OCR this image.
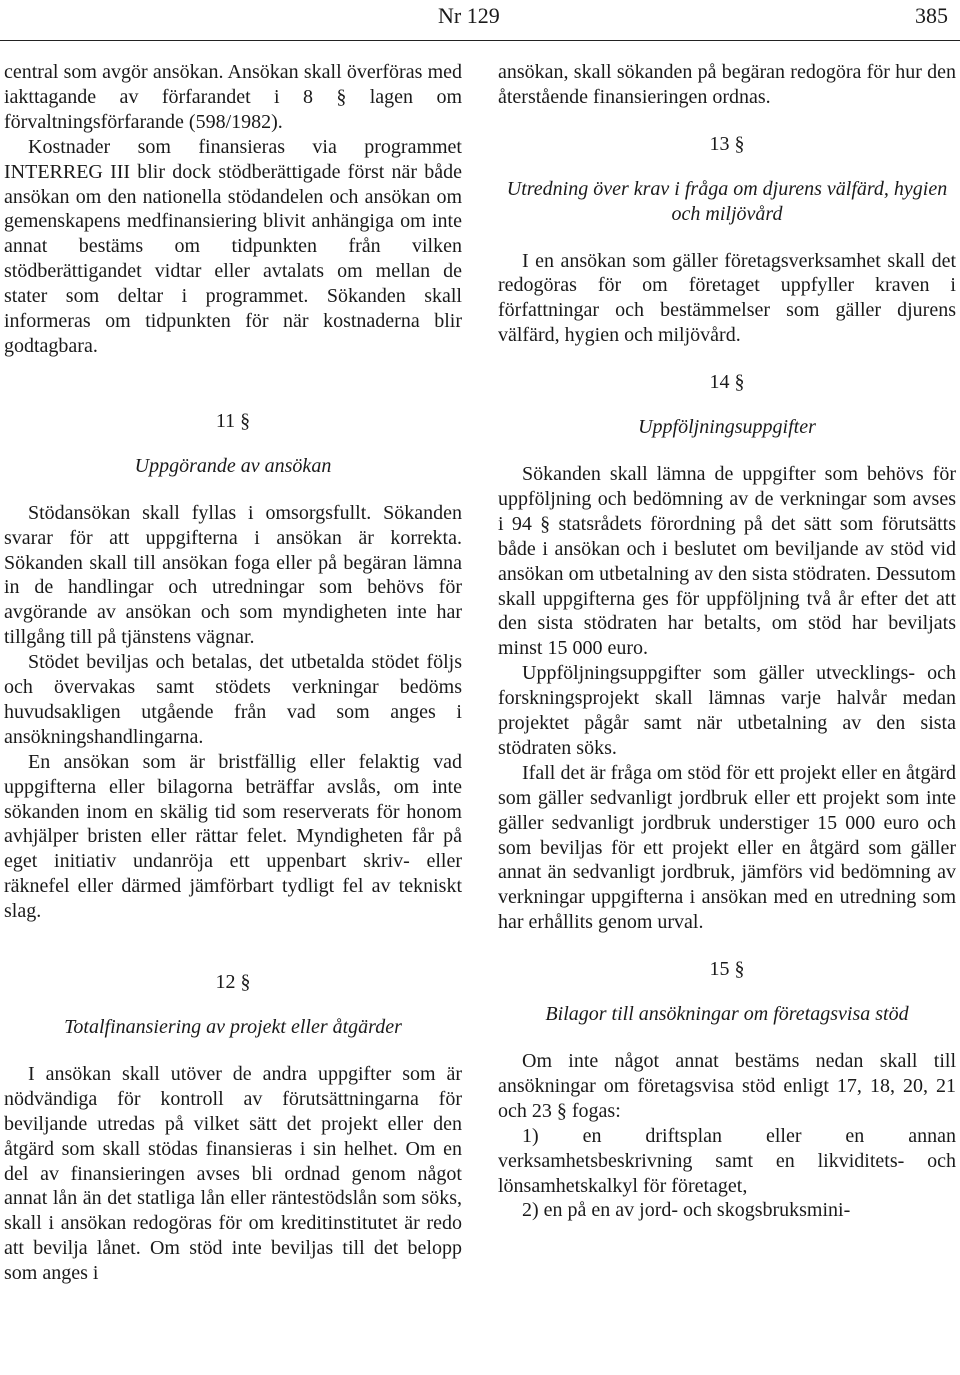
Nr 129	385

central som avgör ansökan. Ansökan skall överföras med iakttagande av förfarandet i 8 § lagen om förvaltningsförfarande (598/1982).

Kostnader som finansieras via programmet INTERREG III blir dock stödberättigade först när både ansökan om den nationella stödandelen och ansökan om gemenskapens medfinansiering blivit anhängiga om inte annat bestäms om tidpunkten från vilken stödberättigandet vidtar eller avtalats om mellan de stater som deltar i programmet. Sökanden skall informeras om tidpunkten för när kostnaderna blir godtagbara.

11 §
Uppgörande av ansökan

Stödansökan skall fyllas i omsorgsfullt. Sökanden svarar för att uppgifterna i ansökan är korrekta. Sökanden skall till ansökan foga eller på begäran lämna in de handlingar och utredningar som behövs för avgörande av ansökan och som myndigheten inte har tillgång till på tjänstens vägnar.

Stödet beviljas och betalas, det utbetalda stödet följs och övervakas samt stödets verkningar bedöms huvudsakligen utgående från vad som anges i ansökningshandlingarna.

En ansökan som är bristfällig eller felaktig vad uppgifterna eller bilagorna beträffar avslås, om inte sökanden inom en skälig tid som reserverats för honom avhjälper bristen eller rättar felet. Myndigheten får på eget initiativ undanröja ett uppenbart skriv- eller räknefel eller därmed jämförbart tydligt fel av tekniskt slag.

12 §
Totalfinansiering av projekt eller åtgärder

I ansökan skall utöver de andra uppgifter som är nödvändiga för kontroll av förutsättningarna för beviljande utredas på vilket sätt det projekt eller den åtgärd som skall stödas finansieras i sin helhet. Om en del av finansieringen avses bli ordnad genom något annat lån än det statliga lån eller räntestödslån som söks, skall i ansökan redogöras för om kreditinstitutet är redo att bevilja lånet. Om stöd inte beviljas till det belopp som anges i

ansökan, skall sökanden på begäran redogöra för hur den återstående finansieringen ordnas.

13 §
Utredning över krav i fråga om djurens välfärd, hygien och miljövård

I en ansökan som gäller företagsverksamhet skall det redogöras för om företaget uppfyller kraven i författningar och bestämmelser som gäller djurens välfärd, hygien och miljövård.

14 §
Uppföljningsuppgifter

Sökanden skall lämna de uppgifter som behövs för uppföljning och bedömning av de verkningar som avses i 94 § statsrådets förordning på det sätt som förutsätts både i ansökan och i beslutet om beviljande av stöd vid ansökan om utbetalning av den sista stödraten. Dessutom skall uppgifterna ges för uppföljning två år efter det att den sista stödraten har betalts, om stöd har beviljats minst 15 000 euro.

Uppföljningsuppgifter som gäller utvecklings- och forskningsprojekt skall lämnas varje halvår medan projektet pågår samt när utbetalning av den sista stödraten söks.

Ifall det är fråga om stöd för ett projekt eller en åtgärd som gäller sedvanligt jordbruk eller ett projekt som inte gäller sedvanligt jordbruk understiger 15 000 euro och som beviljas för ett projekt eller en åtgärd som gäller annat än sedvanligt jordbruk, jämförs vid bedömning av verkningar uppgifterna i ansökan med en utredning som har erhållits genom urval.

15 §
Bilagor till ansökningar om företagsvisa stöd

Om inte något annat bestäms nedan skall till ansökningar om företagsvisa stöd enligt 17, 18, 20, 21 och 23 § fogas:

1) en driftsplan eller en annan verksamhetsbeskrivning samt en likviditets- och lönsamhetskalkyl för företaget,

2) en på en av jord- och skogsbruksmini-
